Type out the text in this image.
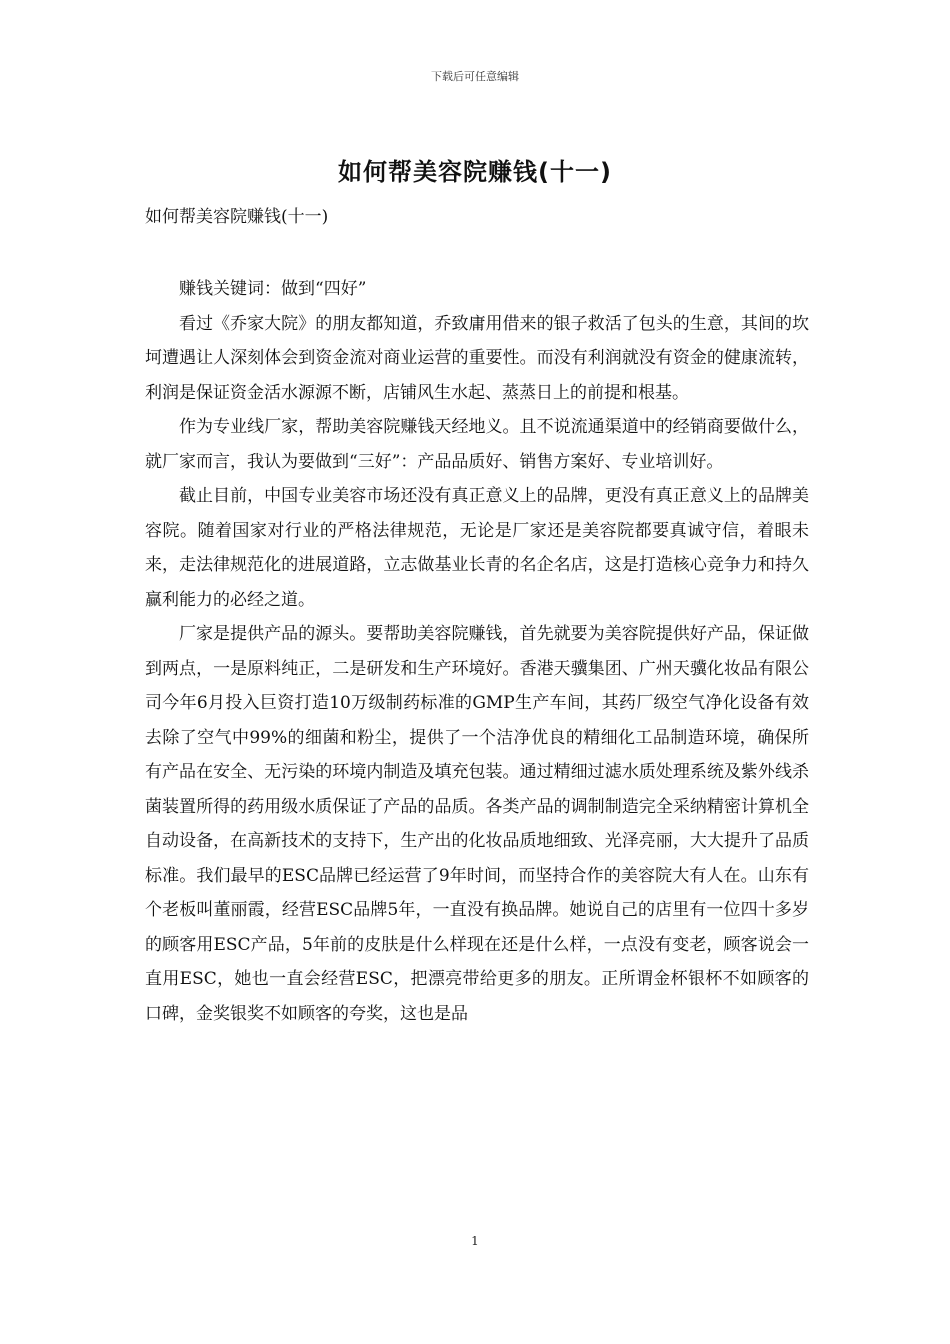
下载后可任意编辑
如何帮美容院赚钱(十一)
如何帮美容院赚钱(十一)

赚钱关键词：做到“四好”

看过《乔家大院》的朋友都知道，乔致庸用借来的银子救活了包头的生意，其间的坎坷遭遇让人深刻体会到资金流对商业运营的重要性。而没有利润就没有资金的健康流转，利润是保证资金活水源源不断，店铺风生水起、蒸蒸日上的前提和根基。

作为专业线厂家，帮助美容院赚钱天经地义。且不说流通渠道中的经销商要做什么，就厂家而言，我认为要做到“三好”：产品品质好、销售方案好、专业培训好。

截止目前，中国专业美容市场还没有真正意义上的品牌，更没有真正意义上的品牌美容院。随着国家对行业的严格法律规范，无论是厂家还是美容院都要真诚守信，着眼未来，走法律规范化的进展道路，立志做基业长青的名企名店，这是打造核心竞争力和持久赢利能力的必经之道。

厂家是提供产品的源头。要帮助美容院赚钱，首先就要为美容院提供好产品，保证做到两点，一是原料纯正，二是研发和生产环境好。香港天骥集团、广州天骥化妆品有限公司今年6月投入巨资打造10万级制药标准的GMP生产车间，其药厂级空气净化设备有效去除了空气中99%的细菌和粉尘，提供了一个洁净优良的精细化工品制造环境，确保所有产品在安全、无污染的环境内制造及填充包装。通过精细过滤水质处理系统及紫外线杀菌装置所得的药用级水质保证了产品的品质。各类产品的调制制造完全采纳精密计算机全自动设备，在高新技术的支持下，生产出的化妆品质地细致、光泽亮丽，大大提升了品质标准。我们最早的ESC品牌已经运营了9年时间，而坚持合作的美容院大有人在。山东有个老板叫董丽霞，经营ESC品牌5年，一直没有换品牌。她说自己的店里有一位四十多岁的顾客用ESC产品，5年前的皮肤是什么样现在还是什么样，一点没有变老，顾客说会一直用ESC，她也一直会经营ESC，把漂亮带给更多的朋友。正所谓金杯银杯不如顾客的口碑，金奖银奖不如顾客的夸奖，这也是品

1
